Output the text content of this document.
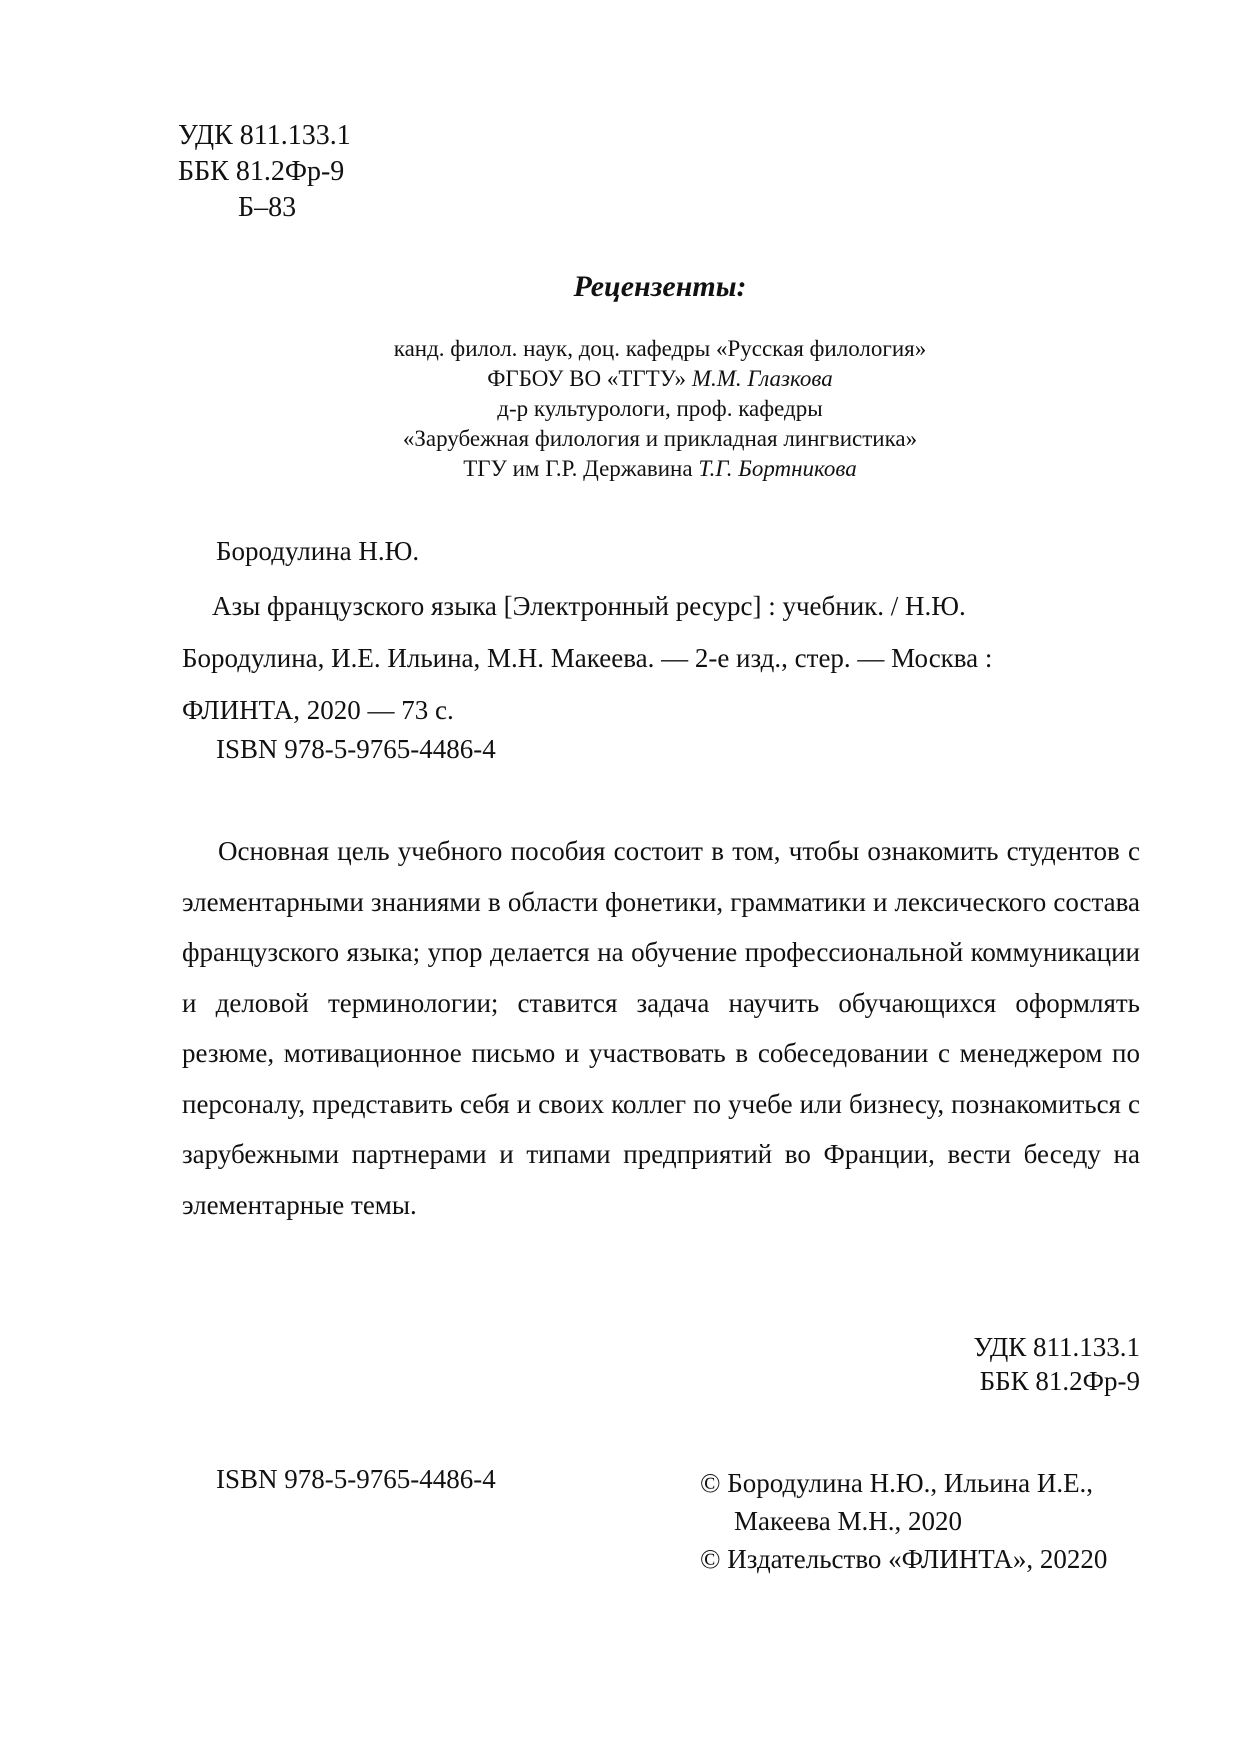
УДК 811.133.1
ББК 81.2Фр-9
Б–83
Рецензенты:
канд. филол. наук, доц. кафедры «Русская филология»
ФГБОУ ВО «ТГТУ» М.М. Глазкова
д-р культурологи, проф. кафедры
«Зарубежная филология и прикладная лингвистика»
ТГУ им Г.Р. Державина Т.Г. Бортникова
Бородулина Н.Ю.

Азы французского языка [Электронный ресурс] : учебник. / Н.Ю.

Бородулина, И.Е. Ильина, М.Н. Макеева. — 2-е изд., стер. — Москва :

ФЛИНТА, 2020 — 73 с.

ISBN 978-5-9765-4486-4

Основная цель учебного пособия состоит в том, чтобы ознакомить студентов с элементарными знаниями в области фонетики, грамматики и лексического состава французского языка; упор делается на обучение профессиональной коммуникации и деловой терминологии; ставится задача научить обучающихся оформлять резюме, мотивационное письмо и участвовать в собеседовании с менеджером по персоналу, представить себя и своих коллег по учебе или бизнесу, познакомиться с зарубежными партнерами и типами предприятий во Франции, вести беседу на элементарные темы.

УДК 811.133.1
ББК 81.2Фр-9
ISBN 978-5-9765-4486-4	© Бородулина Н.Ю., Ильина И.Е.,
Макеева М.Н., 2020
© Издательство «ФЛИНТА», 20220
